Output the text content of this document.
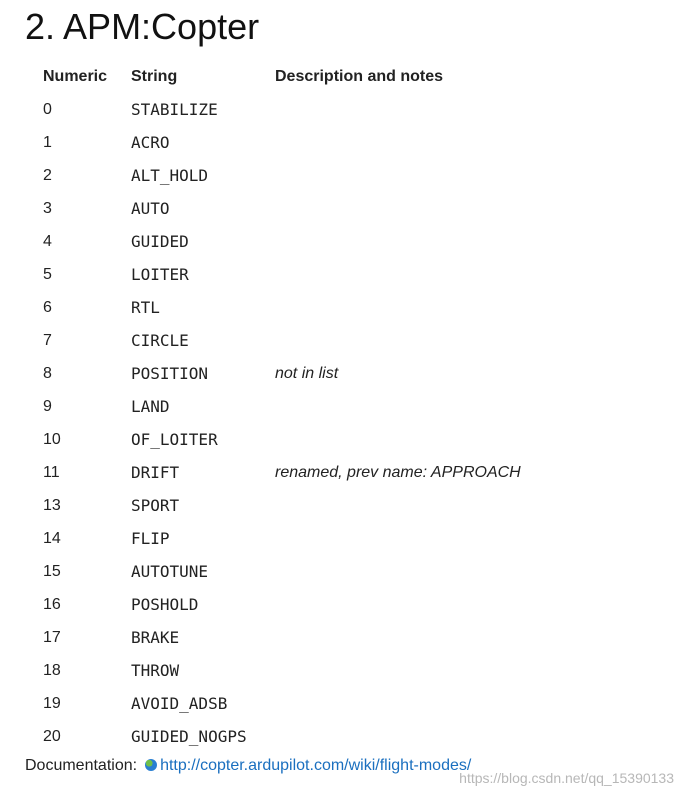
2. APM:Copter
Numeric	String	Description and notes
0	STABILIZE	
1	ACRO	
2	ALT_HOLD	
3	AUTO	
4	GUIDED	
5	LOITER	
6	RTL	
7	CIRCLE	
8	POSITION	not in list
9	LAND	
10	OF_LOITER	
11	DRIFT	renamed, prev name: APPROACH
13	SPORT	
14	FLIP	
15	AUTOTUNE	
16	POSHOLD	
17	BRAKE	
18	THROW	
19	AVOID_ADSB	
20	GUIDED_NOGPS	
Documentation: http://copter.ardupilot.com/wiki/flight-modes/
https://blog.csdn.net/qq_15390133
